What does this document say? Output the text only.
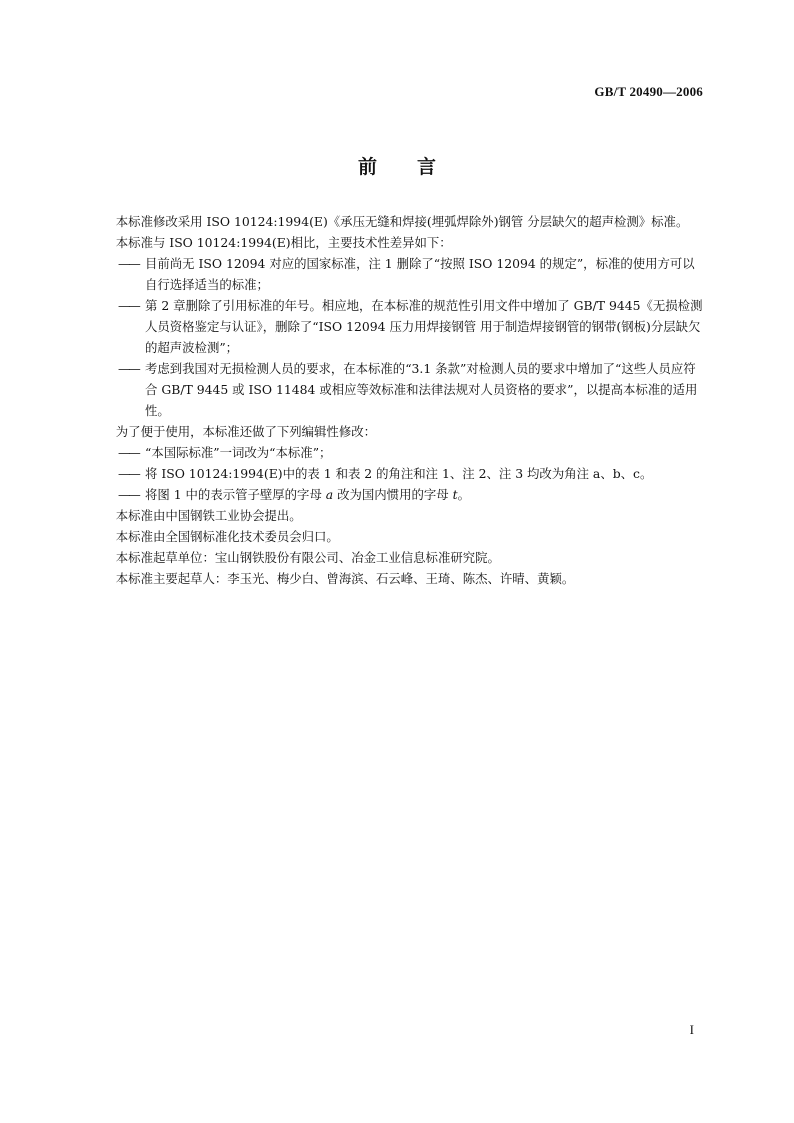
GB/T 20490—2006
前言

本标准修改采用 ISO 10124:1994(E)《承压无缝和焊接(埋弧焊除外)钢管 分层缺欠的超声检测》标准。

本标准与 ISO 10124:1994(E)相比，主要技术性差异如下：

—— 目前尚无 ISO 12094 对应的国家标准，注 1 删除了“按照 ISO 12094 的规定”，标准的使用方可以自行选择适当的标准；

—— 第 2 章删除了引用标准的年号。相应地，在本标准的规范性引用文件中增加了 GB/T 9445《无损检测人员资格鉴定与认证》，删除了“ISO 12094 压力用焊接钢管 用于制造焊接钢管的钢带(钢板)分层缺欠的超声波检测”；

—— 考虑到我国对无损检测人员的要求，在本标准的“3.1 条款”对检测人员的要求中增加了“这些人员应符合 GB/T 9445 或 ISO 11484 或相应等效标准和法律法规对人员资格的要求”，以提高本标准的适用性。

为了便于使用，本标准还做了下列编辑性修改：

—— “本国际标准”一词改为“本标准”；

—— 将 ISO 10124:1994(E)中的表 1 和表 2 的角注和注 1、注 2、注 3 均改为角注 a、b、c。

—— 将图 1 中的表示管子壁厚的字母 a 改为国内惯用的字母 t。

本标准由中国钢铁工业协会提出。

本标准由全国钢标准化技术委员会归口。

本标准起草单位：宝山钢铁股份有限公司、冶金工业信息标准研究院。

本标准主要起草人：李玉光、梅少白、曾海滨、石云峰、王琦、陈杰、许晴、黄颖。

I
